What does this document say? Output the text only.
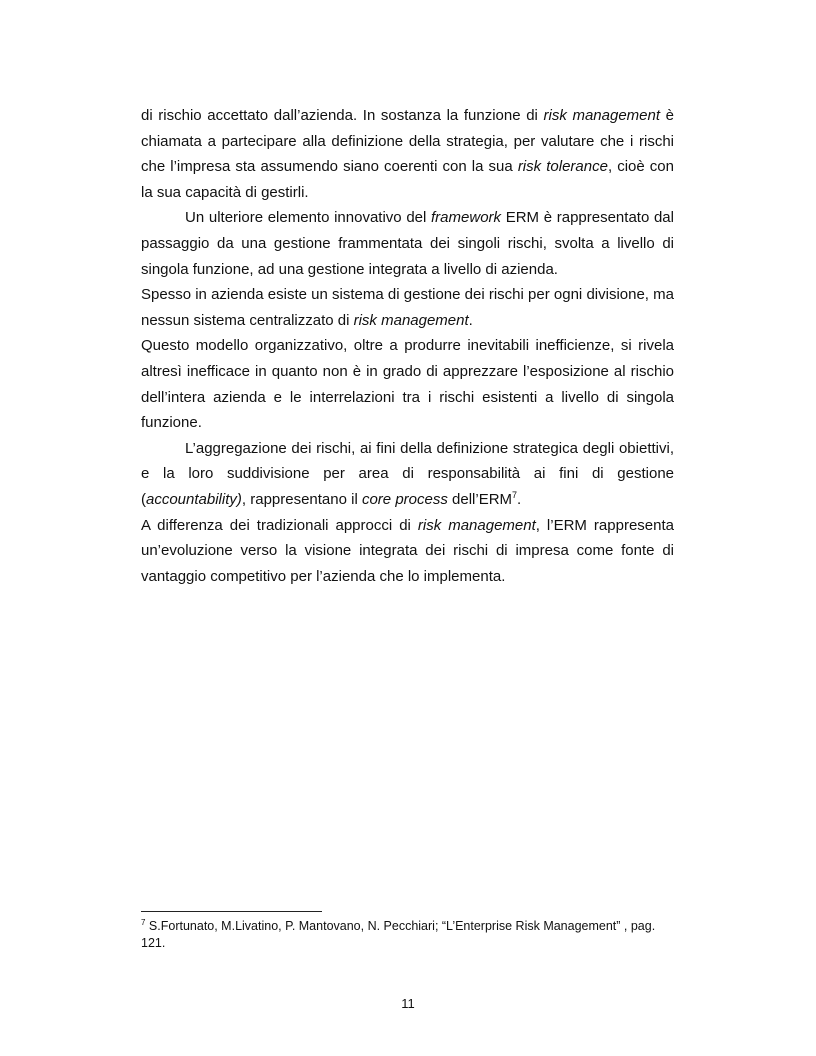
di rischio accettato dall’azienda. In sostanza la funzione di risk management è chiamata a partecipare alla definizione della strategia, per valutare che i rischi che l’impresa sta assumendo siano coerenti con la sua risk tolerance, cioè con la sua capacità di gestirli.

Un ulteriore elemento innovativo del framework ERM è rappresentato dal passaggio da una gestione frammentata dei singoli rischi, svolta a livello di singola funzione, ad una gestione integrata a livello di azienda.

Spesso in azienda esiste un sistema di gestione dei rischi per ogni divisione, ma nessun sistema centralizzato di risk management.

Questo modello organizzativo, oltre a produrre inevitabili inefficienze, si rivela altresì inefficace in quanto non è in grado di apprezzare l’esposizione al rischio dell’intera azienda e le interrelazioni tra i rischi esistenti a livello di singola funzione.

L’aggregazione dei rischi, ai fini della definizione strategica degli obiettivi, e la loro suddivisione per area di responsabilità ai fini di gestione (accountability), rappresentano il core process dell’ERM$^7$.

A differenza dei tradizionali approcci di risk management, l’ERM rappresenta un’evoluzione verso la visione integrata dei rischi di impresa come fonte di vantaggio competitivo per l’azienda che lo implementa.

$^7$ S.Fortunato, M.Livatino, P. Mantovano, N. Pecchiari; “L’Enterprise Risk Management” , pag. 121.
11
